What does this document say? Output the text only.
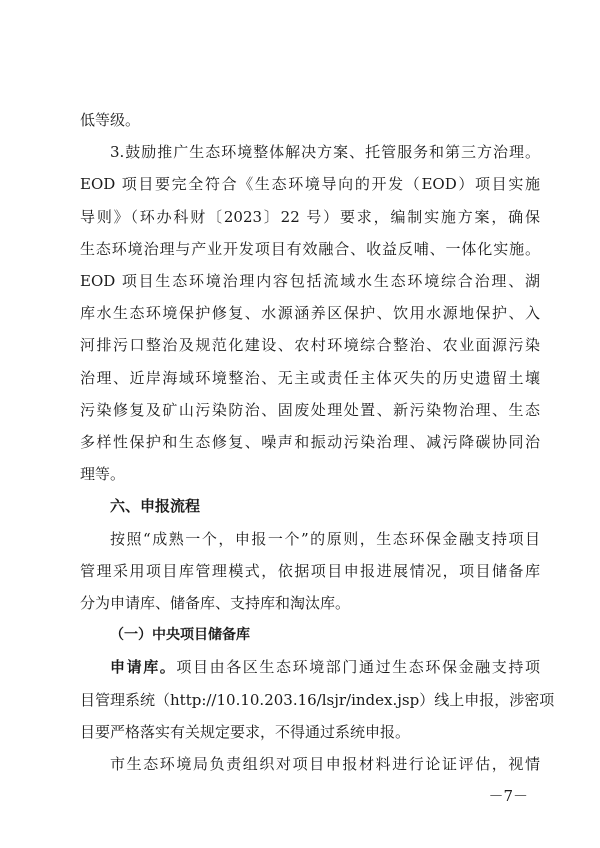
低等级。

3.鼓励推广生态环境整体解决方案、托管服务和第三方治理。

EOD 项目要完全符合《生态环境导向的开发（EOD）项目实施

导则》（环办科财〔2023〕22 号）要求，编制实施方案，确保

生态环境治理与产业开发项目有效融合、收益反哺、一体化实施。

EOD 项目生态环境治理内容包括流域水生态环境综合治理、湖

库水生态环境保护修复、水源涵养区保护、饮用水源地保护、入

河排污口整治及规范化建设、农村环境综合整治、农业面源污染

治理、近岸海域环境整治、无主或责任主体灭失的历史遗留土壤

污染修复及矿山污染防治、固废处理处置、新污染物治理、生态

多样性保护和生态修复、噪声和振动污染治理、减污降碳协同治

理等。

六、申报流程

按照“成熟一个，申报一个”的原则，生态环保金融支持项目

管理采用项目库管理模式，依据项目申报进展情况，项目储备库

分为申请库、储备库、支持库和淘汰库。

（一）中央项目储备库

申请库。项目由各区生态环境部门通过生态环保金融支持项

目管理系统（http://10.10.203.16/lsjr/index.jsp）线上申报，涉密项

目要严格落实有关规定要求，不得通过系统申报。

市生态环境局负责组织对项目申报材料进行论证评估，视情

－7－
